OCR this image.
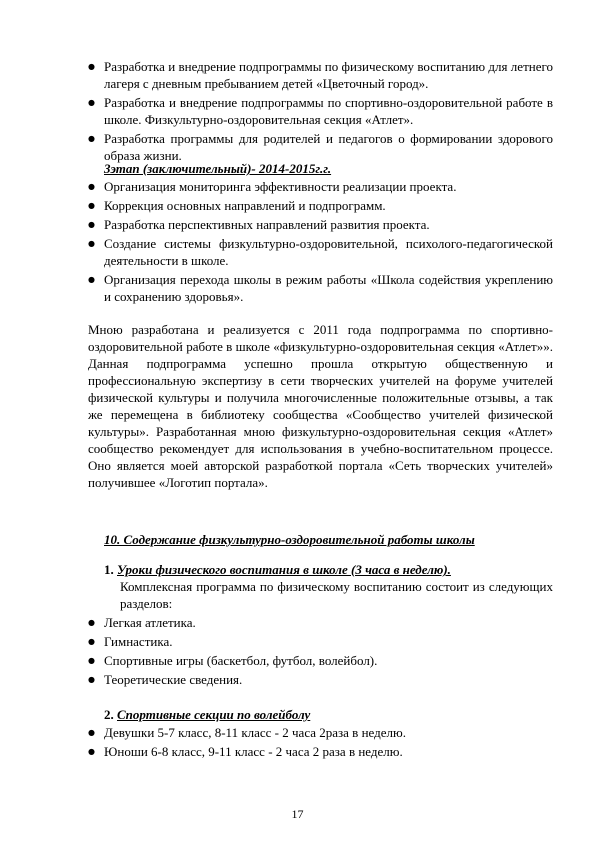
● Разработка и внедрение подпрограммы по физическому воспитанию для летнего лагеря с дневным пребыванием детей «Цветочный город».
● Разработка и внедрение подпрограммы по спортивно-оздоровительной работе в школе. Физкультурно-оздоровительная секция «Атлет».
● Разработка программы для родителей и педагогов о формировании здорового образа жизни.
3этап (заключительный)- 2014-2015г.г.
● Организация мониторинга эффективности реализации проекта.
● Коррекция основных направлений и подпрограмм.
● Разработка перспективных направлений развития проекта.
● Создание системы физкультурно-оздоровительной, психолого-педагогической деятельности в школе.
● Организация перехода школы в режим работы «Школа содействия укреплению и сохранению здоровья».

Мною разработана и реализуется с 2011 года подпрограмма по спортивно-оздоровительной работе в школе «физкультурно-оздоровительная секция «Атлет»». Данная подпрограмма успешно прошла открытую общественную и профессиональную экспертизу в сети творческих учителей на форуме учителей физической культуры и получила многочисленные положительные отзывы, а так же перемещена в библиотеку сообщества «Сообщество учителей физической культуры». Разработанная мною физкультурно-оздоровительная секция «Атлет» сообщество рекомендует для использования в учебно-воспитательном процессе. Оно является моей авторской разработкой портала «Сеть творческих учителей» получившее «Логотип портала».

10. Содержание физкультурно-оздоровительной работы школы
1. Уроки физического воспитания в школе (3 часа в неделю).
Комплексная программа по физическому воспитанию состоит из следующих разделов:
● Легкая атлетика.
● Гимнастика.
● Спортивные игры (баскетбол, футбол, волейбол).
● Теоретические сведения.
2. Спортивные секции по волейболу
● Девушки 5-7 класс, 8-11 класс - 2 часа 2раза в неделю.
● Юноши 6-8 класс, 9-11 класс - 2 часа 2 раза в неделю.
17
